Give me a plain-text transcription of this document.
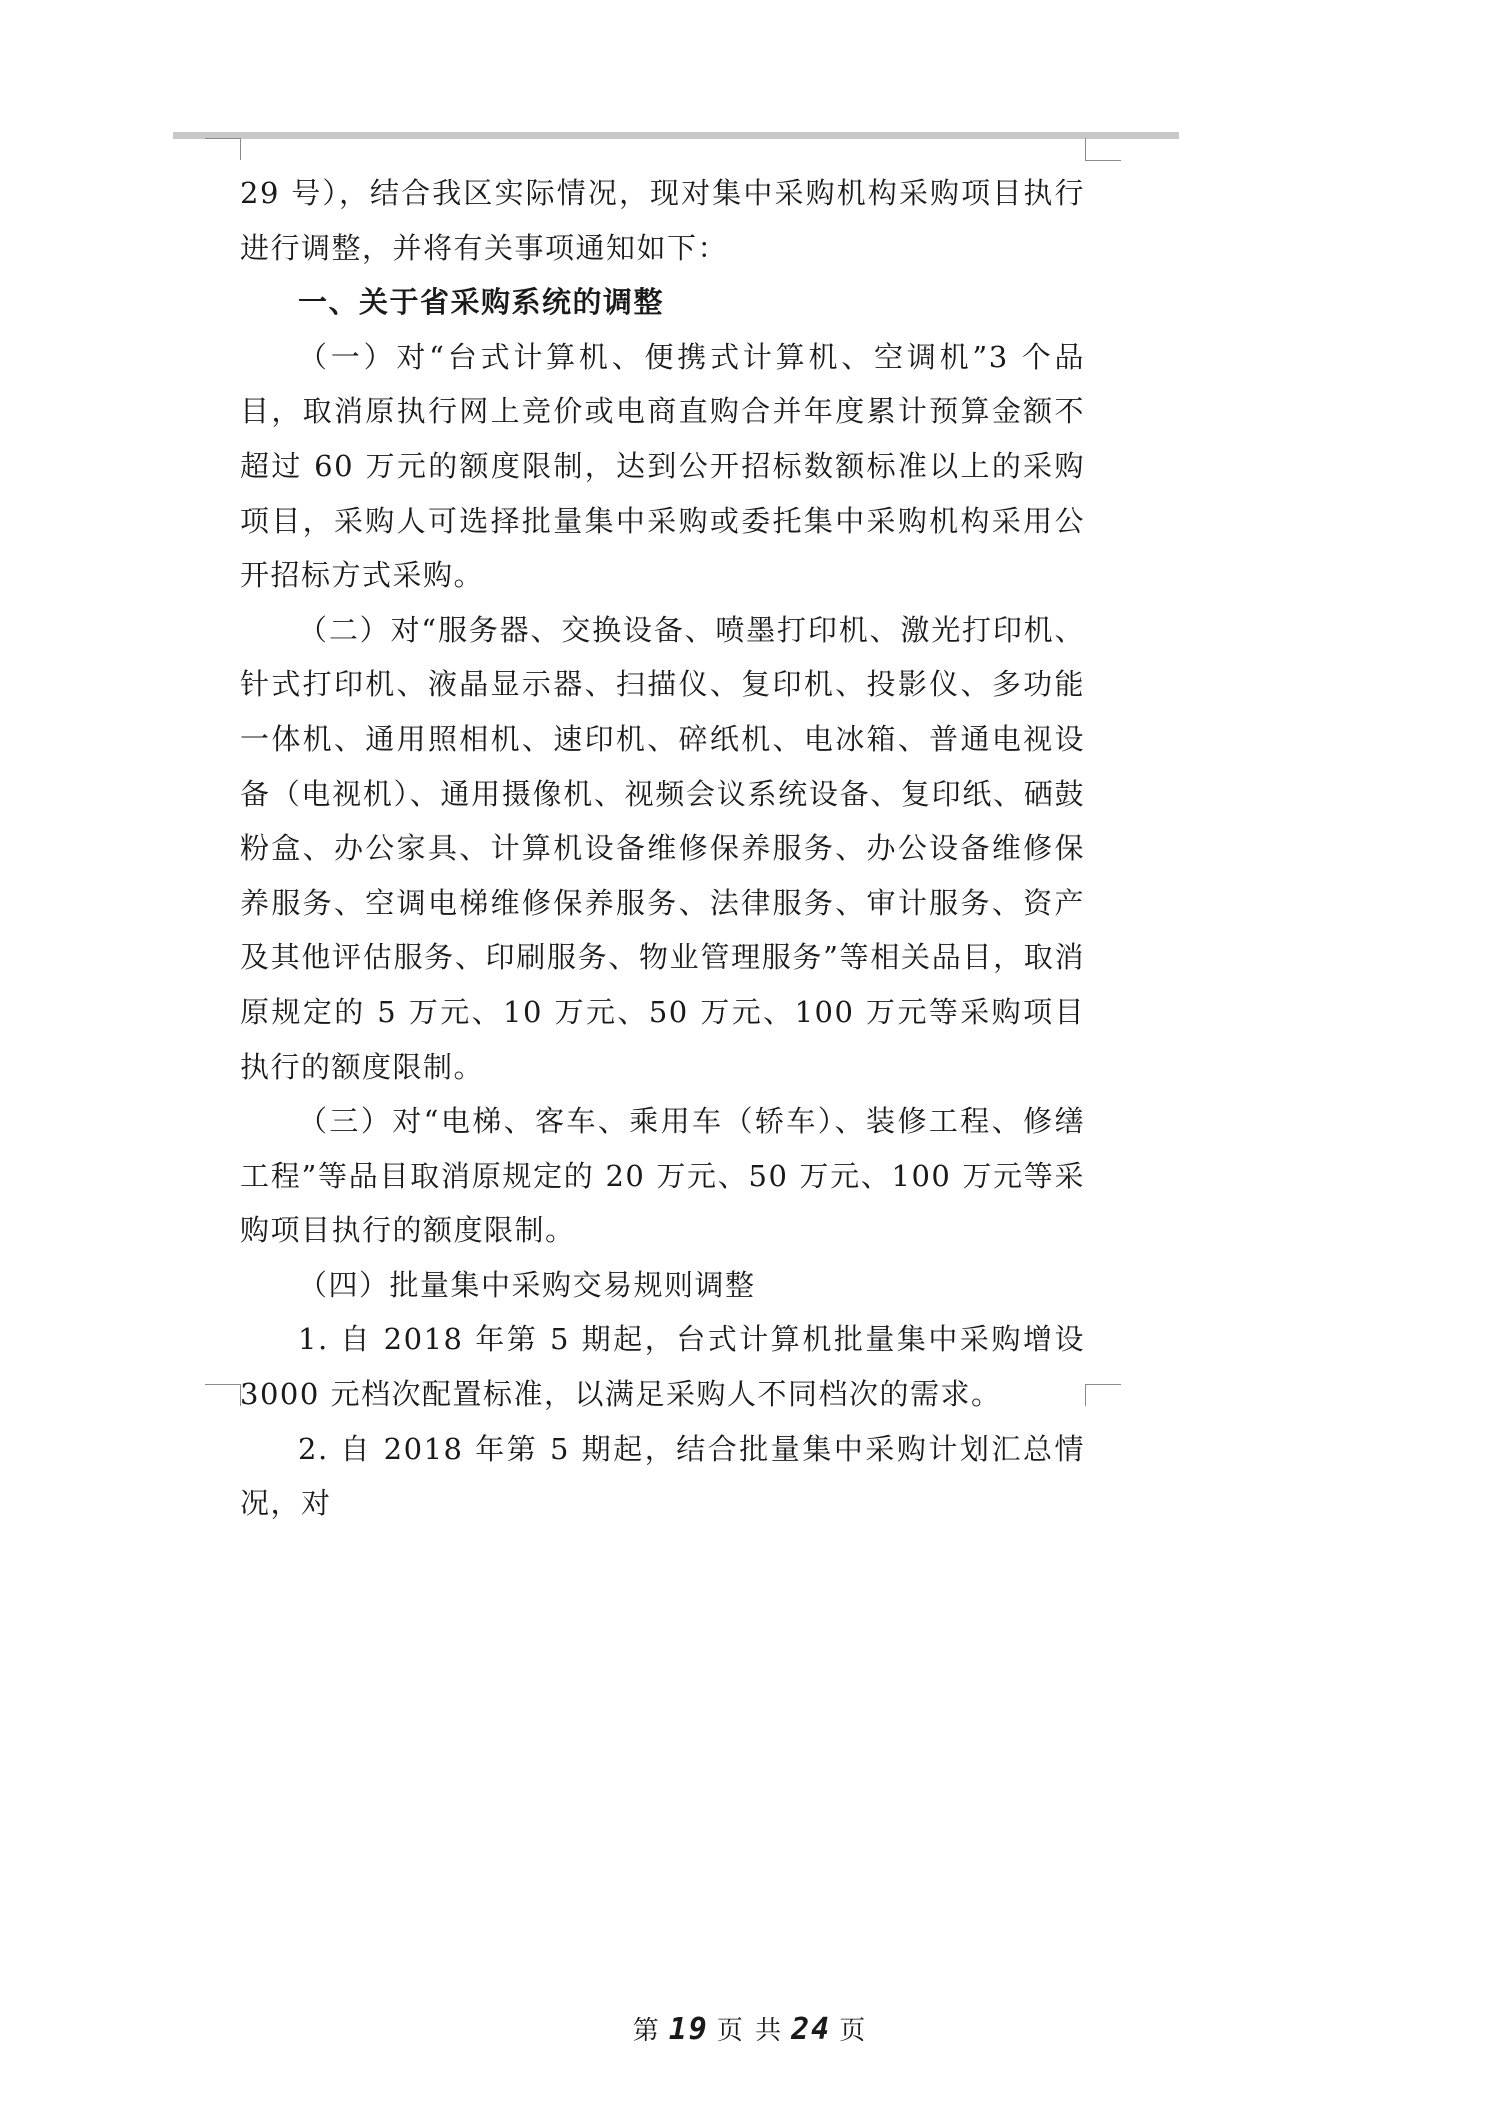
29 号），结合我区实际情况，现对集中采购机构采购项目执行进行调整，并将有关事项通知如下：

一、关于省采购系统的调整

（一）对“台式计算机、便携式计算机、空调机”3 个品目，取消原执行网上竞价或电商直购合并年度累计预算金额不超过 60 万元的额度限制，达到公开招标数额标准以上的采购项目，采购人可选择批量集中采购或委托集中采购机构采用公开招标方式采购。

（二）对“服务器、交换设备、喷墨打印机、激光打印机、针式打印机、液晶显示器、扫描仪、复印机、投影仪、多功能一体机、通用照相机、速印机、碎纸机、电冰箱、普通电视设备（电视机）、通用摄像机、视频会议系统设备、复印纸、硒鼓粉盒、办公家具、计算机设备维修保养服务、办公设备维修保养服务、空调电梯维修保养服务、法律服务、审计服务、资产及其他评估服务、印刷服务、物业管理服务”等相关品目，取消原规定的 5 万元、10 万元、50 万元、100 万元等采购项目执行的额度限制。

（三）对“电梯、客车、乘用车（轿车）、装修工程、修缮工程”等品目取消原规定的 20 万元、50 万元、100 万元等采购项目执行的额度限制。

（四）批量集中采购交易规则调整

1. 自 2018 年第 5 期起，台式计算机批量集中采购增设 3000 元档次配置标准，以满足采购人不同档次的需求。

2. 自 2018 年第 5 期起，结合批量集中采购计划汇总情况，对

第 19 页 共 24 页
